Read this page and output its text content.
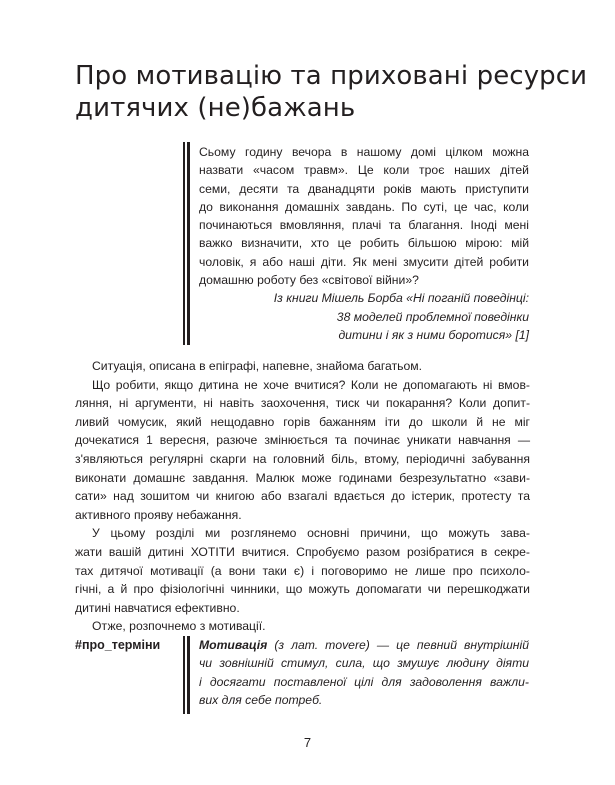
Про мотивацію та приховані ресурси
дитячих (не)бажань
Сьому годину вечора в нашому домі цілком можна
назвати «часом травм». Це коли троє наших дітей
семи, десяти та дванадцяти років мають приступити
до виконання домашніх завдань. По суті, це час, коли
починаються вмовляння, плачі та благання. Іноді мені
важко визначити, хто це робить більшою мірою: мій
чоловік, я або наші діти. Як мені змусити дітей робити
домашню роботу без «світової війни»?
Із книги Мішель Борба «Ні поганій поведінці:
38 моделей проблемної поведінки
дитини і як з ними боротися» [1]
Ситуація, описана в епіграфі, напевне, знайома багатьом.
Що робити, якщо дитина не хоче вчитися? Коли не допомагають ні вмов-
ляння, ні аргументи, ні навіть заохочення, тиск чи покарання? Коли допит-
ливий чомусик, який нещодавно горів бажанням іти до школи й не міг
дочекатися 1 вересня, разюче змінюється та починає уникати навчання —
з'являються регулярні скарги на головний біль, втому, періодичні забування
виконати домашнє завдання. Малюк може годинами безрезультатно «зави-
сати» над зошитом чи книгою або взагалі вдається до істерик, протесту та
активного прояву небажання.
У цьому розділі ми розглянемо основні причини, що можуть зава-
жати вашій дитині ХОТІТИ вчитися. Спробуємо разом розібратися в секре-
тах дитячої мотивації (а вони таки є) і поговоримо не лише про психоло-
гічні, а й про фізіологічні чинники, що можуть допомагати чи перешкоджати
дитині навчатися ефективно.
Отже, розпочнемо з мотивації.
#про_терміни	Мотивація (з лат. movere) — це певний внутрішній
чи зовнішній стимул, сила, що змушує людину діяти
і досягати поставленої цілі для задоволення важли-
вих для себе потреб.
7
